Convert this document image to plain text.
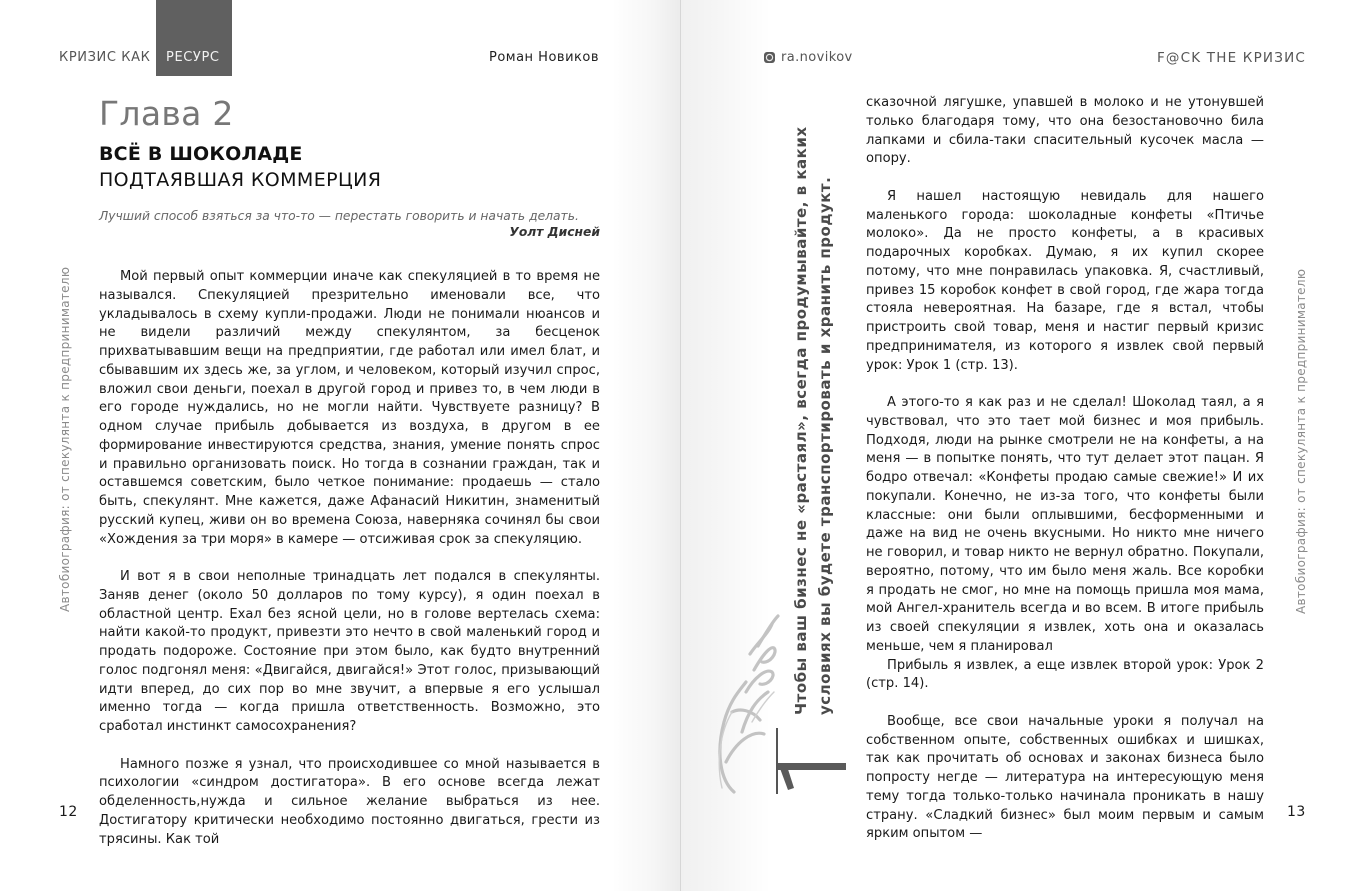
КРИЗИС КАК РЕСУРС	Роман Новиков
Глава 2
ВСЁ В ШОКОЛАДЕ
ПОДТАЯВШАЯ КОММЕРЦИЯ
Лучший способ взяться за что-то — перестать говорить и начать делать.
Уолт Дисней

Мой первый опыт коммерции иначе как спекуляцией в то время не назывался. Спекуляцией презрительно именовали все, что укладывалось в схему купли-продажи. Люди не понимали нюансов и не видели различий между спекулянтом, за бесценок прихватывавшим вещи на предприятии, где работал или имел блат, и сбывавшим их здесь же, за углом, и человеком, который изучил спрос, вложил свои деньги, поехал в другой город и привез то, в чем люди в его городе нуждались, но не могли найти. Чувствуете разницу? В одном случае прибыль добывается из воздуха, в другом в ее формирование инвестируются средства, знания, умение понять спрос и правильно организовать поиск. Но тогда в сознании граждан, так и оставшемся советским, было четкое понимание: продаешь — стало быть, спекулянт. Мне кажется, даже Афанасий Никитин, знаменитый русский купец, живи он во времена Союза, наверняка сочинял бы свои «Хождения за три моря» в камере — отсиживая срок за спекуляцию.

И вот я в свои неполные тринадцать лет подался в спекулянты. Заняв денег (около 50 долларов по тому курсу), я один поехал в областной центр. Ехал без ясной цели, но в голове вертелась схема: найти какой-то продукт, привезти это нечто в свой маленький город и продать подороже. Состояние при этом было, как будто внутренний голос подгонял меня: «Двигайся, двигайся!» Этот голос, призывающий идти вперед, до сих пор во мне звучит, а впервые я его услышал именно тогда — когда пришла ответственность. Возможно, это сработал инстинкт самосохранения?

Намного позже я узнал, что происходившее со мной называется в психологии «синдром достигатора». В его основе всегда лежат обделенность,нужда и сильное желание выбраться из нее. Достигатору критически необходимо постоянно двигаться, грести из трясины. Как той

Автобиография: от спекулянта к предпринимателю
12
ra.novikov	F@CK THE КРИЗИС
Чтобы ваш бизнес не «растаял», всегда продумывайте, в каких условиях вы будете транспортировать и хранить продукт.

сказочной лягушке, упавшей в молоко и не утонувшей только благодаря тому, что она безостановочно била лапками и сбила-таки спасительный кусочек масла — опору.

Я нашел настоящую невидаль для нашего маленького города: шоколадные конфеты «Птичье молоко». Да не просто конфеты, а в красивых подарочных коробках. Думаю, я их купил скорее потому, что мне понравилась упаковка. Я, счастливый, привез 15 коробок конфет в свой город, где жара тогда стояла невероятная. На базаре, где я встал, чтобы пристроить свой товар, меня и настиг первый кризис предпринимателя, из которого я извлек свой первый урок: Урок 1 (стр. 13).

А этого-то я как раз и не сделал! Шоколад таял, а я чувствовал, что это тает мой бизнес и моя прибыль. Подходя, люди на рынке смотрели не на конфеты, а на меня — в попытке понять, что тут делает этот пацан. Я бодро отвечал: «Конфеты продаю самые свежие!» И их покупали. Конечно, не из-за того, что конфеты были классные: они были оплывшими, бесформенными и даже на вид не очень вкусными. Но никто мне ничего не говорил, и товар никто не вернул обратно. Покупали, вероятно, потому, что им было меня жаль. Все коробки я продать не смог, но мне на помощь пришла моя мама, мой Ангел-хранитель всегда и во всем. В итоге прибыль из своей спекуляции я извлек, хоть она и оказалась меньше, чем я планировал

Прибыль я извлек, а еще извлек второй урок: Урок 2 (стр. 14).

Вообще, все свои начальные уроки я получал на собственном опыте, собственных ошибках и шишках, так как прочитать об основах и законах бизнеса было попросту негде — литература на интересующую меня тему тогда только-только начинала проникать в нашу страну. «Сладкий бизнес» был моим первым и самым ярким опытом —

Автобиография: от спекулянта к предпринимателю
13
